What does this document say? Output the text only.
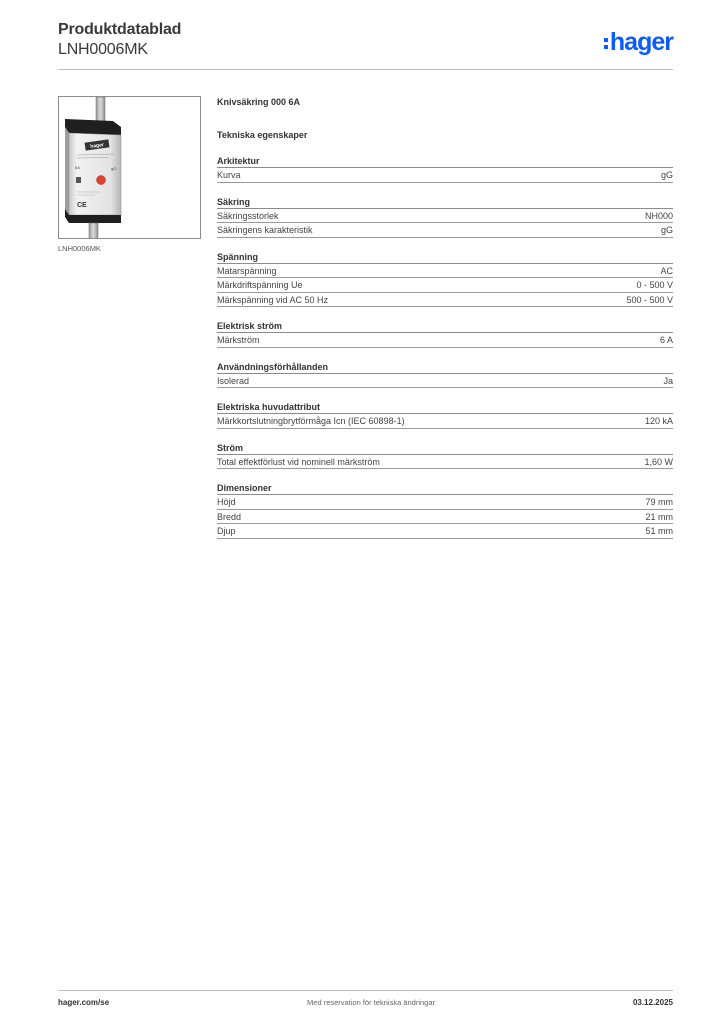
Produktdatablad
LNH0006MK	hager
hager
6A	gG
CE
LNH0006MK
Knivsäkring 000 6A
Tekniska egenskaper
Arkitektur
Kurva	gG
Säkring
Säkringsstorlek	NH000
Säkringens karakteristik	gG
Spänning
Matarspänning	AC
Märkdriftspänning Ue	0 - 500 V
Märkspänning vid AC 50 Hz	500 - 500 V
Elektrisk ström
Märkström	6 A
Användningsförhållanden
Isolerad	Ja
Elektriska huvudattribut
Märkkortslutningbrytförmåga Icn (IEC 60898-1)	120 kA
Ström
Total effektförlust vid nominell märkström	1,60 W
Dimensioner
Höjd	79 mm
Bredd	21 mm
Djup	51 mm
hager.com/se	Med reservation för tekniska ändringar	03.12.2025
